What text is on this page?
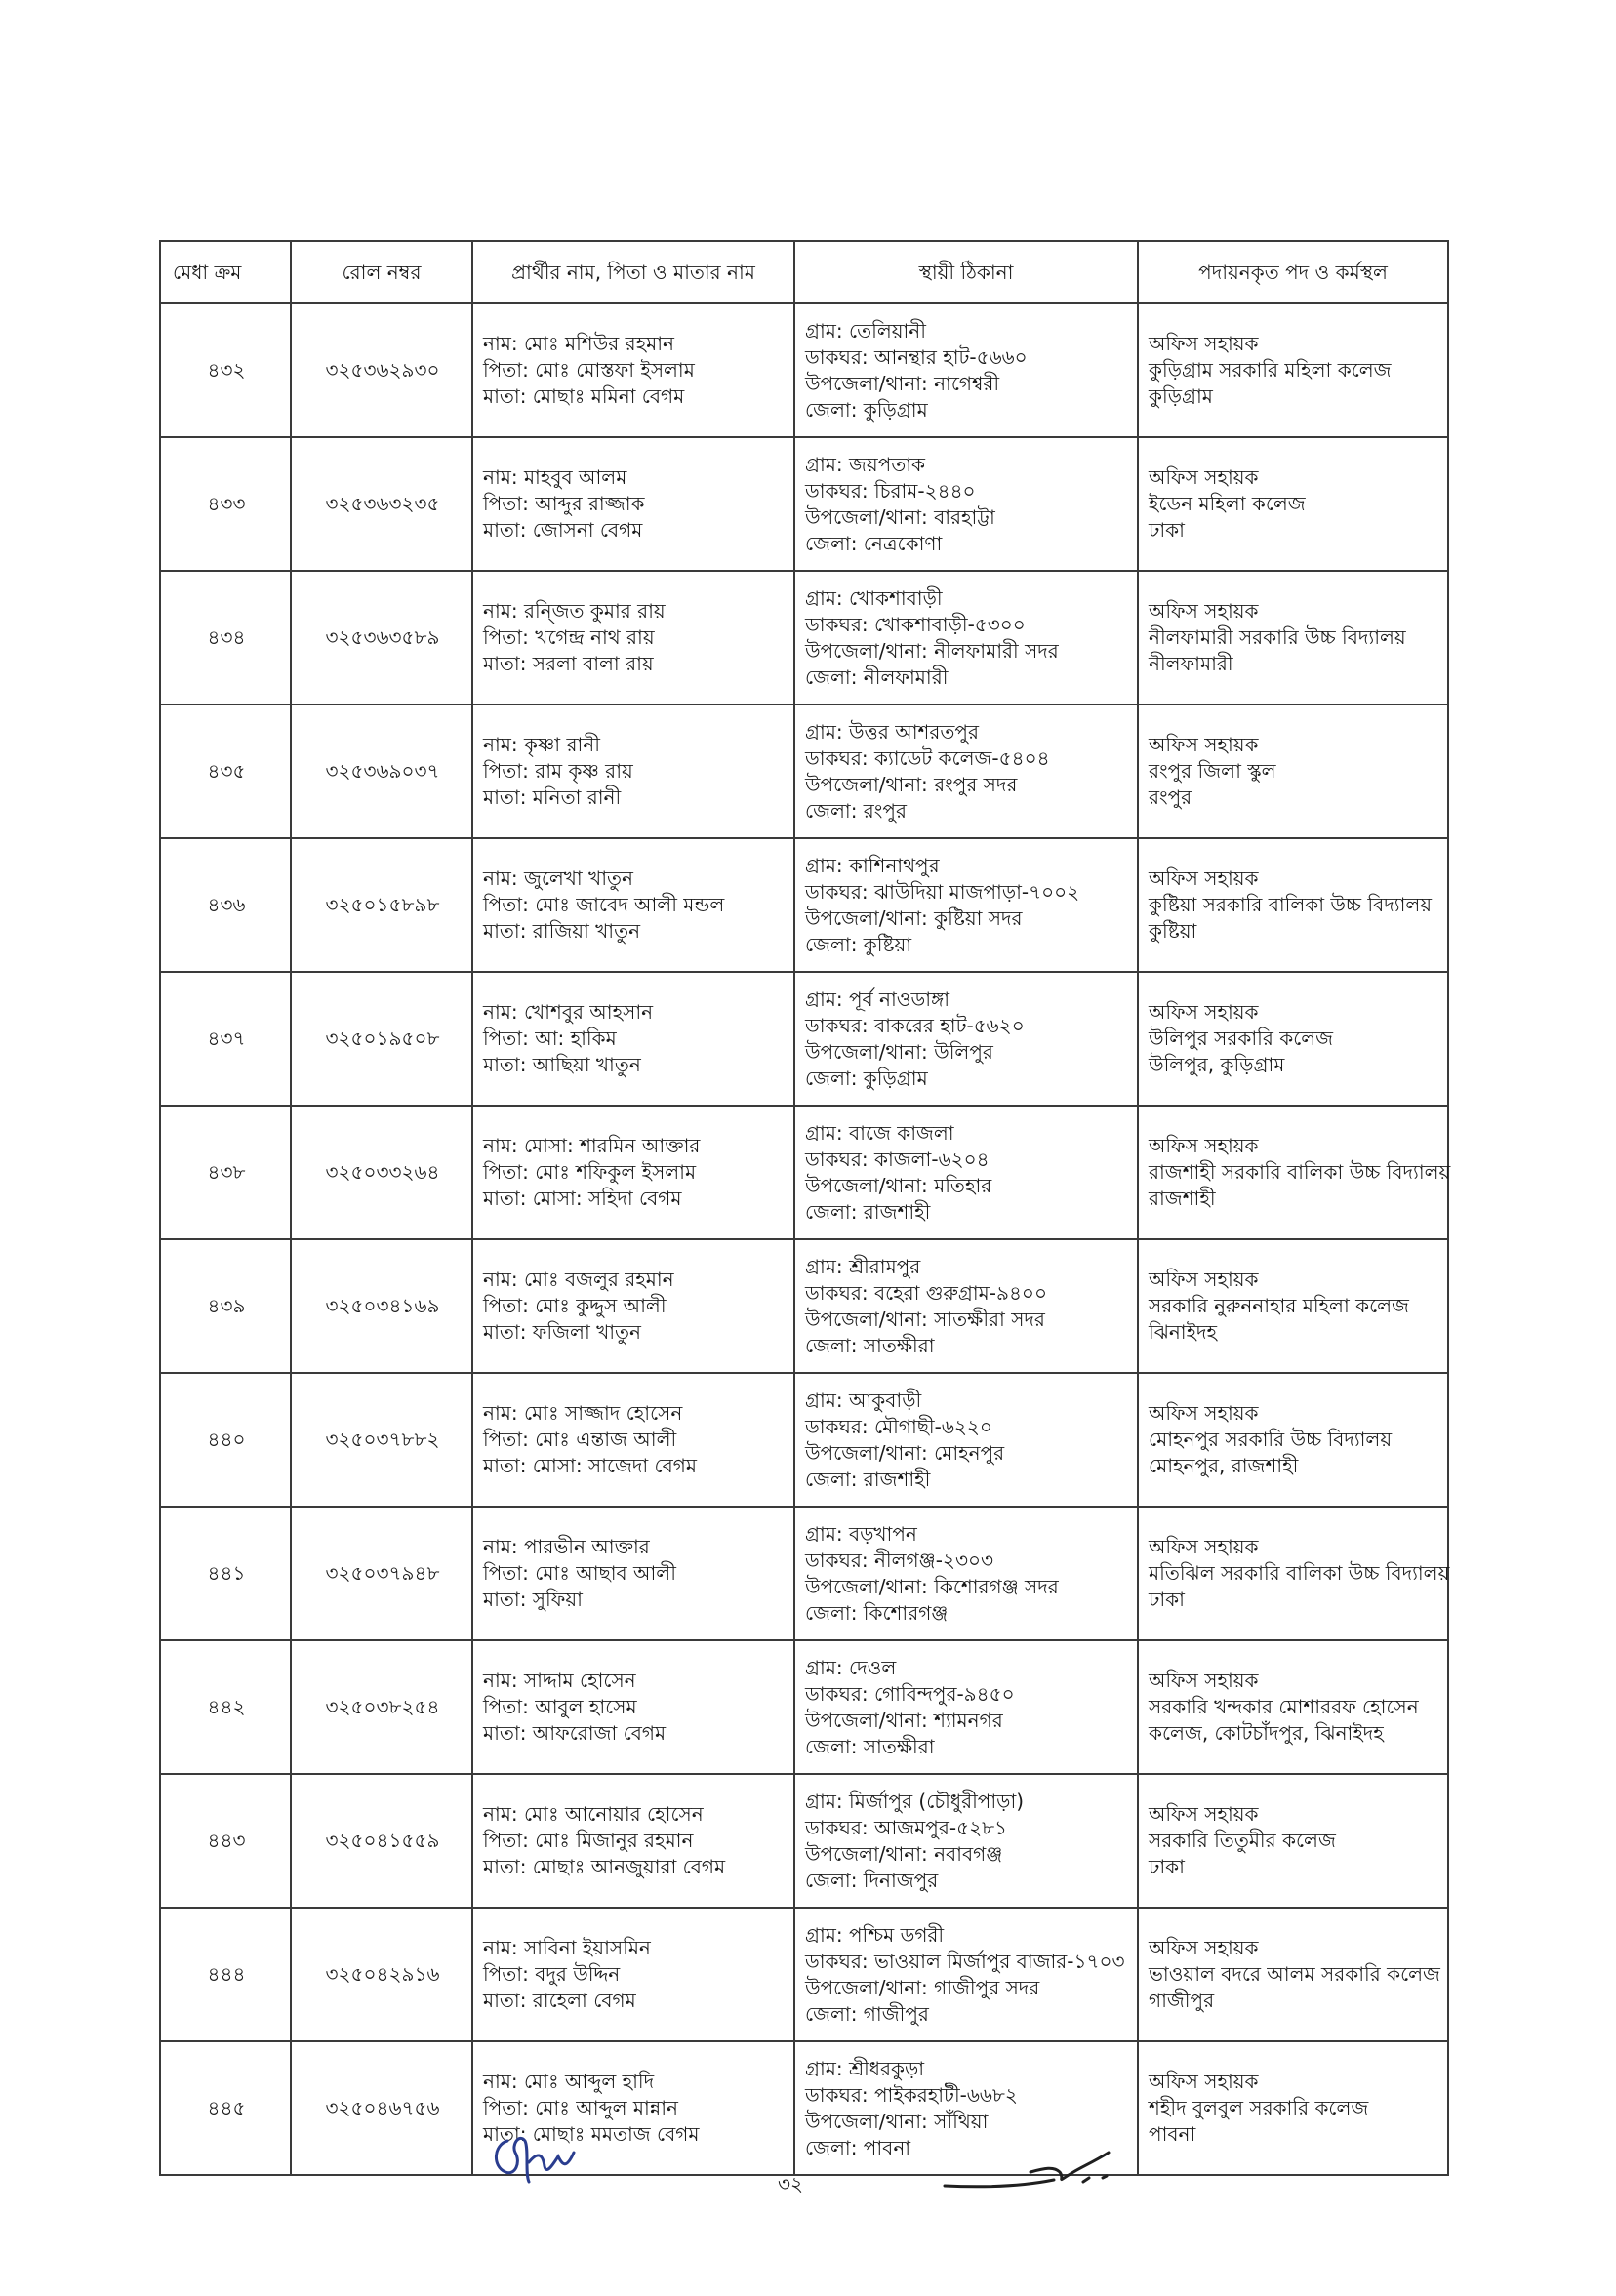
মেধা ক্রম	রোল নম্বর	প্রার্থীর নাম, পিতা ও মাতার নাম	স্থায়ী ঠিকানা	পদায়নকৃত পদ ও কর্মস্থল
৪৩২	৩২৫৩৬২৯৩০	নাম: মোঃ মশিউর রহমান
পিতা: মোঃ মোস্তফা ইসলাম
মাতা: মোছাঃ মমিনা বেগম	গ্রাম: তেলিয়ানী
ডাকঘর: আনন্থার হাট-৫৬৬০
উপজেলা/থানা: নাগেশ্বরী
জেলা: কুড়িগ্রাম	অফিস সহায়ক
কুড়িগ্রাম সরকারি মহিলা কলেজ
কুড়িগ্রাম

৪৩৩	৩২৫৩৬৩২৩৫	নাম: মাহবুব আলম
পিতা: আব্দুর রাজ্জাক
মাতা: জোসনা বেগম	গ্রাম: জয়পতাক
ডাকঘর: চিরাম-২৪৪০
উপজেলা/থানা: বারহাট্টা
জেলা: নেত্রকোণা	অফিস সহায়ক
ইডেন মহিলা কলেজ
ঢাকা

৪৩৪	৩২৫৩৬৩৫৮৯	নাম: রন্জিত কুমার রায়
পিতা: খগেন্দ্র নাথ রায়
মাতা: সরলা বালা রায়	গ্রাম: খোকশাবাড়ী
ডাকঘর: খোকশাবাড়ী-৫৩০০
উপজেলা/থানা: নীলফামারী সদর
জেলা: নীলফামারী	অফিস সহায়ক
নীলফামারী সরকারি উচ্চ বিদ্যালয়
নীলফামারী

৪৩৫	৩২৫৩৬৯০৩৭	নাম: কৃষ্ণা রানী
পিতা: রাম কৃষ্ণ রায়
মাতা: মনিতা রানী	গ্রাম: উত্তর আশরতপুর
ডাকঘর: ক্যাডেট কলেজ-৫৪০৪
উপজেলা/থানা: রংপুর সদর
জেলা: রংপুর	অফিস সহায়ক
রংপুর জিলা স্কুল
রংপুর

৪৩৬	৩২৫০১৫৮৯৮	নাম: জুলেখা খাতুন
পিতা: মোঃ জাবেদ আলী মন্ডল
মাতা: রাজিয়া খাতুন	গ্রাম: কাশিনাথপুর
ডাকঘর: ঝাউদিয়া মাজপাড়া-৭০০২
উপজেলা/থানা: কুষ্টিয়া সদর
জেলা: কুষ্টিয়া	অফিস সহায়ক
কুষ্টিয়া সরকারি বালিকা উচ্চ বিদ্যালয়
কুষ্টিয়া

৪৩৭	৩২৫০১৯৫০৮	নাম: খোশবুর আহসান
পিতা: আ: হাকিম
মাতা: আছিয়া খাতুন	গ্রাম: পূর্ব নাওডাঙ্গা
ডাকঘর: বাকরের হাট-৫৬২০
উপজেলা/থানা: উলিপুর
জেলা: কুড়িগ্রাম	অফিস সহায়ক
উলিপুর সরকারি কলেজ
উলিপুর, কুড়িগ্রাম

৪৩৮	৩২৫০৩৩২৬৪	নাম: মোসা: শারমিন আক্তার
পিতা: মোঃ শফিকুল ইসলাম
মাতা: মোসা: সহিদা বেগম	গ্রাম: বাজে কাজলা
ডাকঘর: কাজলা-৬২০৪
উপজেলা/থানা: মতিহার
জেলা: রাজশাহী	অফিস সহায়ক
রাজশাহী সরকারি বালিকা উচ্চ বিদ্যালয়
রাজশাহী

৪৩৯	৩২৫০৩৪১৬৯	নাম: মোঃ বজলুর রহমান
পিতা: মোঃ কুদ্দুস আলী
মাতা: ফজিলা খাতুন	গ্রাম: শ্রীরামপুর
ডাকঘর: বহেরা গুরুগ্রাম-৯৪০০
উপজেলা/থানা: সাতক্ষীরা সদর
জেলা: সাতক্ষীরা	অফিস সহায়ক
সরকারি নুরুননাহার মহিলা কলেজ
ঝিনাইদহ

৪৪০	৩২৫০৩৭৮৮২	নাম: মোঃ সাজ্জাদ হোসেন
পিতা: মোঃ এন্তাজ আলী
মাতা: মোসা: সাজেদা বেগম	গ্রাম: আকুবাড়ী
ডাকঘর: মৌগাছী-৬২২০
উপজেলা/থানা: মোহনপুর
জেলা: রাজশাহী	অফিস সহায়ক
মোহনপুর সরকারি উচ্চ বিদ্যালয়
মোহনপুর, রাজশাহী

৪৪১	৩২৫০৩৭৯৪৮	নাম: পারভীন আক্তার
পিতা: মোঃ আছাব আলী
মাতা: সুফিয়া	গ্রাম: বড়খাপন
ডাকঘর: নীলগঞ্জ-২৩০৩
উপজেলা/থানা: কিশোরগঞ্জ সদর
জেলা: কিশোরগঞ্জ	অফিস সহায়ক
মতিঝিল সরকারি বালিকা উচ্চ বিদ্যালয়
ঢাকা

৪৪২	৩২৫০৩৮২৫৪	নাম: সাদ্দাম হোসেন
পিতা: আবুল হাসেম
মাতা: আফরোজা বেগম	গ্রাম: দেওল
ডাকঘর: গোবিন্দপুর-৯৪৫০
উপজেলা/থানা: শ্যামনগর
জেলা: সাতক্ষীরা	অফিস সহায়ক
সরকারি খন্দকার মোশাররফ হোসেন
কলেজ, কোটচাঁদপুর, ঝিনাইদহ

৪৪৩	৩২৫০৪১৫৫৯	নাম: মোঃ আনোয়ার হোসেন
পিতা: মোঃ মিজানুর রহমান
মাতা: মোছাঃ আনজুয়ারা বেগম	গ্রাম: মির্জাপুর (চৌধুরীপাড়া)
ডাকঘর: আজমপুর-৫২৮১
উপজেলা/থানা: নবাবগঞ্জ
জেলা: দিনাজপুর	অফিস সহায়ক
সরকারি তিতুমীর কলেজ
ঢাকা

৪৪৪	৩২৫০৪২৯১৬	নাম: সাবিনা ইয়াসমিন
পিতা: বদুর উদ্দিন
মাতা: রাহেলা বেগম	গ্রাম: পশ্চিম ডগরী
ডাকঘর: ভাওয়াল মির্জাপুর বাজার-১৭০৩
উপজেলা/থানা: গাজীপুর সদর
জেলা: গাজীপুর	অফিস সহায়ক
ভাওয়াল বদরে আলম সরকারি কলেজ
গাজীপুর

৪৪৫	৩২৫০৪৬৭৫৬	নাম: মোঃ আব্দুল হাদি
পিতা: মোঃ আব্দুল মান্নান
মাতা: মোছাঃ মমতাজ বেগম	গ্রাম: শ্রীধরকুড়া
ডাকঘর: পাইকরহাটী-৬৬৮২
উপজেলা/থানা: সাঁথিয়া
জেলা: পাবনা	অফিস সহায়ক
শহীদ বুলবুল সরকারি কলেজ
পাবনা
৩২
